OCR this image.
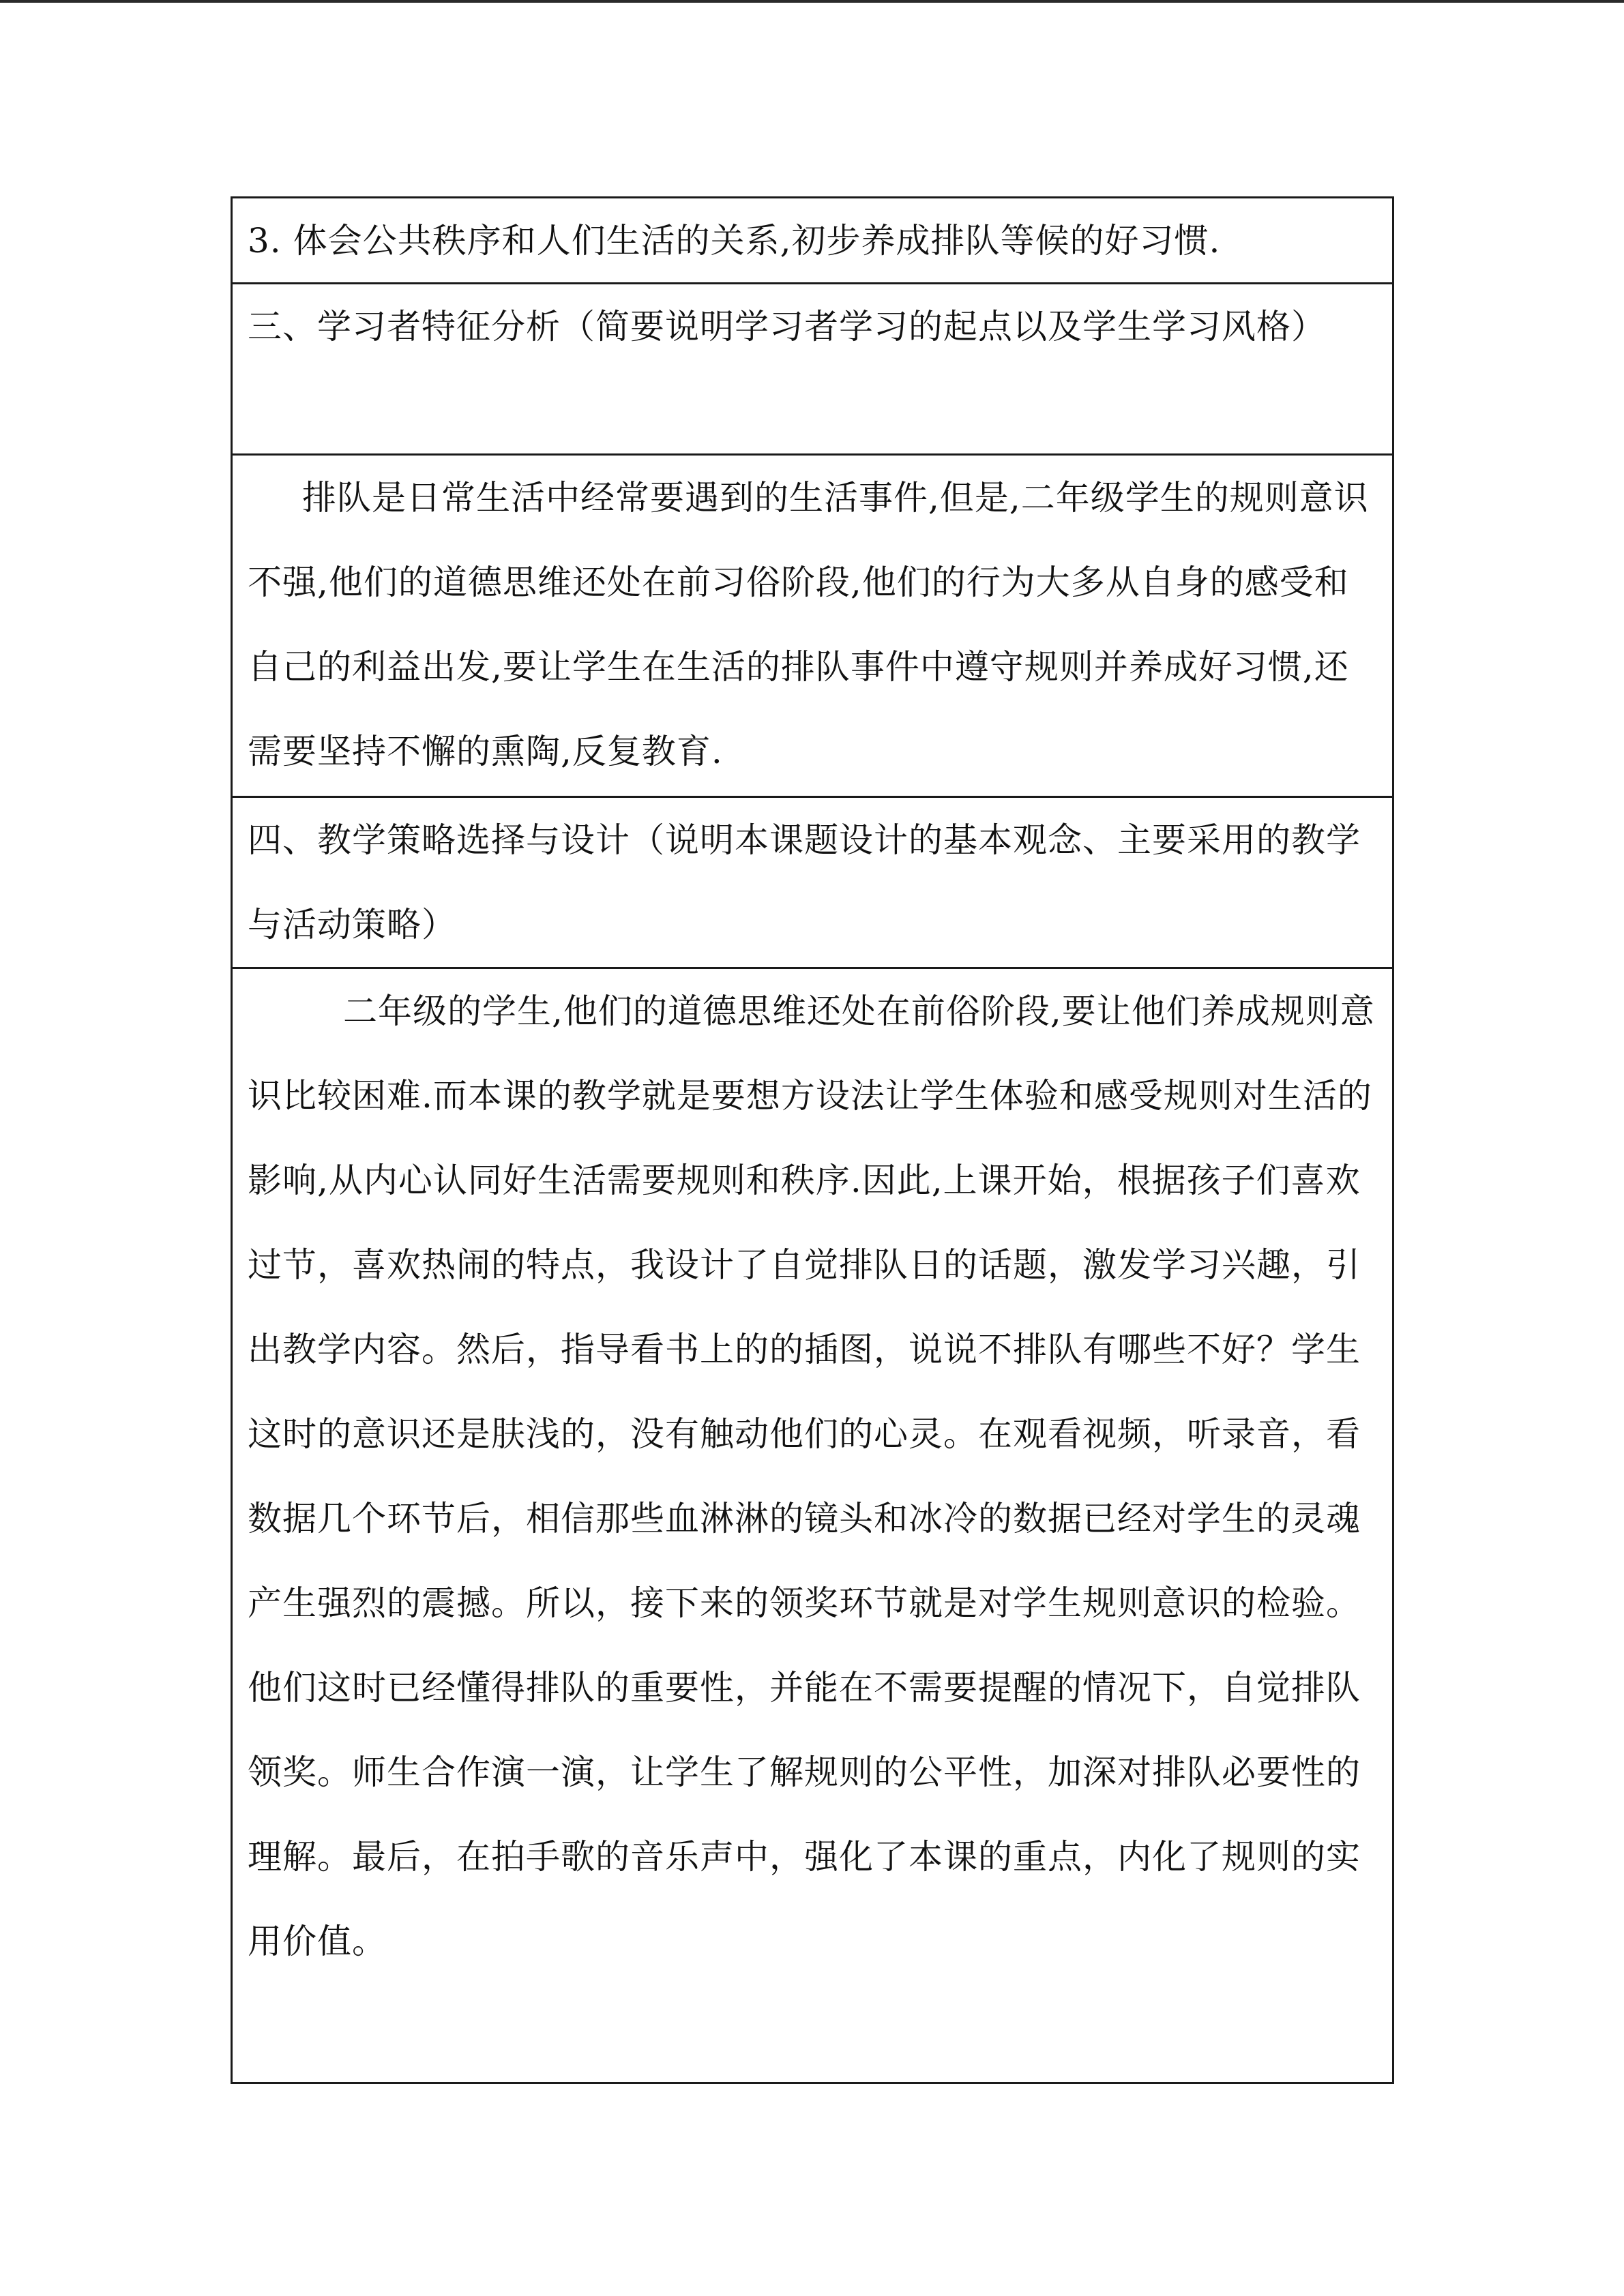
3. 体会公共秩序和人们生活的关系,初步养成排队等候的好习惯.

三、学习者特征分析（简要说明学习者学习的起点以及学生学习风格）

排队是日常生活中经常要遇到的生活事件,但是,二年级学生的规则意识不强,他们的道德思维还处在前习俗阶段,他们的行为大多从自身的感受和自己的利益出发,要让学生在生活的排队事件中遵守规则并养成好习惯,还需要坚持不懈的熏陶,反复教育.

四、教学策略选择与设计（说明本课题设计的基本观念、主要采用的教学与活动策略）

二年级的学生,他们的道德思维还处在前俗阶段,要让他们养成规则意识比较困难.而本课的教学就是要想方设法让学生体验和感受规则对生活的影响,从内心认同好生活需要规则和秩序.因此,上课开始，根据孩子们喜欢过节，喜欢热闹的特点，我设计了自觉排队日的话题，激发学习兴趣，引出教学内容。然后，指导看书上的的插图，说说不排队有哪些不好？学生这时的意识还是肤浅的，没有触动他们的心灵。在观看视频，听录音，看数据几个环节后，相信那些血淋淋的镜头和冰冷的数据已经对学生的灵魂产生强烈的震撼。所以，接下来的领奖环节就是对学生规则意识的检验。他们这时已经懂得排队的重要性，并能在不需要提醒的情况下，自觉排队领奖。师生合作演一演，让学生了解规则的公平性，加深对排队必要性的理解。最后，在拍手歌的音乐声中，强化了本课的重点，内化了规则的实用价值。
